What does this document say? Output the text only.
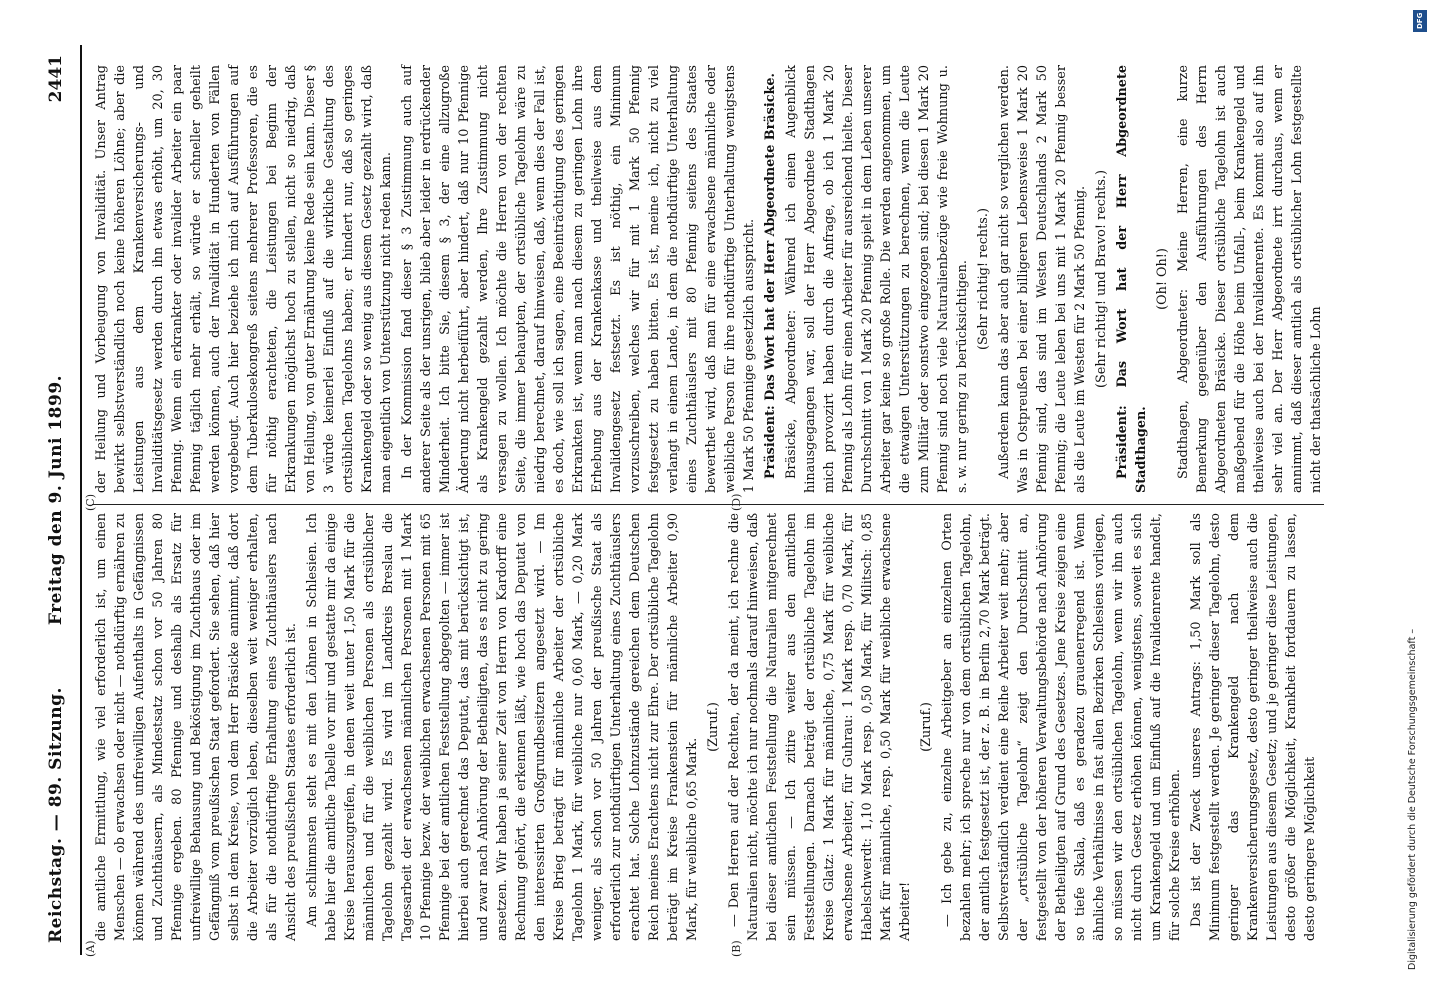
Reichstag. — 89. Sitzung.
Freitag den 9. Juni 1899.
2441

die amtliche Ermittlung, wie viel erforderlich ist, um einen Menschen — ob erwachsen oder nicht — nothdürftig ernähren zu können während des unfreiwilligen Aufenthalts in Gefängnissen und Zuchthäusern, als Mindestsatz schon vor 50 Jahren 80 Pfennige ergeben. 80 Pfennige und deshalb als Ersatz für unfreiwillige Behausung und Beköstigung im Zuchthaus oder im Gefängniß vom preußischen Staat gefordert. Sie sehen, daß hier selbst in dem Kreise, von dem Herr Bräsicke annimmt, daß dort die Arbeiter vorzüglich leben, dieselben weit weniger erhalten, als für die nothdürftige Erhaltung eines Zuchthäuslers nach Ansicht des preußischen Staates erforderlich ist. Am schlimmsten steht es mit den Löhnen in Schlesien. Ich habe hier die amtliche Tabelle vor mir und gestatte mir da einige Kreise herauszugreifen, in denen weit unter 1,50 Mark für die männlichen und für die weiblichen Personen als ortsüblicher Tagelohn gezahlt wird. Es wird im Landkreis Breslau die Tagesarbeit der erwachsenen männlichen Personen mit 1 Mark 10 Pfennige bezw. der weiblichen erwachsenen Personen mit 65 Pfennige bei der amtlichen Feststellung abgegolten — immer ist hierbei auch gerechnet das Deputat, das mit berücksichtigt ist, und zwar nach Anhörung der Betheiligten, das es nicht zu gering ansetzen. Wir haben ja seiner Zeit von Herrn von Kardorff eine Rechnung gehört, die erkennen läßt, wie hoch das Deputat von den interessirten Großgrundbesitzern angesetzt wird. — Im Kreise Brieg beträgt für männliche Arbeiter der ortsübliche Tagelohn 1 Mark, für weibliche nur 0,60 Mark, — 0,20 Mark weniger, als schon vor 50 Jahren der preußische Staat als erforderlich zur nothdürftigen Unterhaltung eines Zuchthäuslers erachtet hat. Solche Lohnzustände gereichen dem Deutschen Reich meines Erachtens nicht zur Ehre. Der ortsübliche Tagelohn beträgt im Kreise Frankenstein für männliche Arbeiter 0,90 Mark, für weibliche 0,65 Mark.

(Zuruf.) — Den Herren auf der Rechten, der da meint, ich rechne die Naturalien nicht, möchte ich nur nochmals darauf hinweisen, daß bei dieser amtlichen Feststellung die Naturalien mitgerechnet sein müssen. — Ich zitire weiter aus den amtlichen Feststellungen. Darnach beträgt der ortsübliche Tagelohn im Kreise Glatz: 1 Mark für männliche, 0,75 Mark für weibliche erwachsene Arbeiter, für Guhrau: 1 Mark resp. 0,70 Mark, für Habelschwerdt: 1,10 Mark resp. 0,50 Mark, für Militsch: 0,85 Mark für männliche, resp. 0,50 Mark für weibliche erwachsene Arbeiter!

(Zuruf.) — Ich gebe zu, einzelne Arbeitgeber an einzelnen Orten bezahlen mehr; ich spreche nur von dem ortsüblichen Tagelohn, der amtlich festgesetzt ist, der z. B. in Berlin 2,70 Mark beträgt. Selbstverständlich verdient eine Reihe Arbeiter weit mehr; aber der „ortsübliche Tagelohn“ zeigt den Durchschnitt an, festgestellt von der höheren Verwaltungsbehörde nach Anhörung der Betheiligten auf Grund des Gesetzes. Jene Kreise zeigen eine so tiefe Skala, daß es geradezu grauenerregend ist. Wenn ähnliche Verhältnisse in fast allen Bezirken Schlesiens vorliegen, so müssen wir den ortsüblichen Tagelohn, wenn wir ihn auch nicht durch Gesetz erhöhen können, wenigstens, soweit es sich um Krankengeld und um Einfluß auf die Invalidenrente handelt, für solche Kreise erhöhen. Das ist der Zweck unseres Antrags: 1,50 Mark soll als Minimum festgestellt werden. Je geringer dieser Tagelohn, desto geringer das Krankengeld nach dem Krankenversicherungsgesetz, desto geringer theilweise auch die Leistungen aus diesem Gesetz; und je geringer diese Leistungen, desto größer die Möglichkeit, Krankheit fortdauern zu lassen, desto geringere Möglichkeit

der Heilung und Vorbeugung von Invalidität. Unser Antrag bewirkt selbstverständlich noch keine höheren Löhne; aber die Leistungen aus dem Krankenversicherungs- und Invaliditätsgesetz werden durch ihn etwas erhöht, um 20, 30 Pfennig. Wenn ein erkrankter oder invalider Arbeiter ein paar Pfennig täglich mehr erhält, so würde er schneller geheilt werden können, auch der Invalidität in Hunderten von Fällen vorgebeugt. Auch hier beziehe ich mich auf Ausführungen auf dem Tuberkulosekongreß seitens mehrerer Professoren, die es für nöthig erachteten, die Leistungen bei Beginn der Erkrankungen möglichst hoch zu stellen, nicht so niedrig, daß von Heilung, von guter Ernährung keine Rede sein kann. Dieser § 3 würde keinerlei Einfluß auf die wirkliche Gestaltung des ortsüblichen Tagelohns haben; er hindert nur, daß so geringes Krankengeld oder so wenig aus diesem Gesetz gezahlt wird, daß man eigentlich von Unterstützung nicht reden kann. In der Kommission fand dieser § 3 Zustimmung auch auf anderer Seite als der unsrigen, blieb aber leider in erdrückender Minderheit. Ich bitte Sie, diesem § 3, der eine allzugroße Änderung nicht herbeiführt, aber hindert, daß nur 10 Pfennige als Krankengeld gezahlt werden, Ihre Zustimmung nicht versagen zu wollen. Ich möchte die Herren von der rechten Seite, die immer behaupten, der ortsübliche Tagelohn wäre zu niedrig berechnet, darauf hinweisen, daß, wenn dies der Fall ist, es doch, wie soll ich sagen, eine Beeinträchtigung des geringen Erkrankten ist, wenn man nach diesem zu geringen Lohn ihre Erhebung aus der Krankenkasse und theilweise aus dem Invalidengesetz festsetzt. Es ist nöthig, ein Minimum vorzuschreiben, welches wir für mit 1 Mark 50 Pfennig festgesetzt zu haben bitten. Es ist, meine ich, nicht zu viel verlangt in einem Lande, in dem die nothdürftige Unterhaltung eines Zuchthäuslers mit 80 Pfennig seitens des Staates bewerthet wird, daß man für eine erwachsene männliche oder weibliche Person für ihre nothdürftige Unterhaltung wenigstens 1 Mark 50 Pfennige gesetzlich ausspricht. Präsident: Das Wort hat der Herr Abgeordnete Bräsicke. Bräsicke, Abgeordneter: Während ich einen Augenblick hinausgegangen war, soll der Herr Abgeordnete Stadthagen mich provozirt haben durch die Anfrage, ob ich 1 Mark 20 Pfennig als Lohn für einen Arbeiter für ausreichend hielte. Dieser Durchschnitt von 1 Mark 20 Pfennig spielt in dem Leben unserer Arbeiter gar keine so große Rolle. Die werden angenommen, um die etwaigen Unterstützungen zu berechnen, wenn die Leute zum Militär oder sonstwo eingezogen sind; bei diesen 1 Mark 20 Pfennig sind noch viele Naturalienbezüge wie freie Wohnung u. s. w. nur gering zu berücksichtigen. (Sehr richtig! rechts.) Außerdem kann das aber auch gar nicht so verglichen werden. Was in Ostpreußen bei einer billigeren Lebensweise 1 Mark 20 Pfennig sind, das sind im Westen Deutschlands 2 Mark 50 Pfennig; die Leute leben bei uns mit 1 Mark 20 Pfennig besser als die Leute im Westen für 2 Mark 50 Pfennig. (Sehr richtig! und Bravo! rechts.) Präsident: Das Wort hat der Herr Abgeordnete Stadthagen.

(Oh! Oh!) Stadthagen, Abgeordneter: Meine Herren, eine kurze Bemerkung gegenüber den Ausführungen des Herrn Abgeordneten Bräsicke. Dieser ortsübliche Tagelohn ist auch maßgebend für die Höhe beim Unfall-, beim Krankengeld und theilweise auch bei der Invalidenrente. Es kommt also auf ihn sehr viel an. Der Herr Abgeordnete irrt durchaus, wenn er annimmt, daß dieser amtlich als ortsüblicher Lohn festgestellte nicht der thatsächliche Lohn

(A)	(B)
(C)	(D)
Digitalisierung gefördert durch die Deutsche Forschungsgemeinschaft –
DFG
